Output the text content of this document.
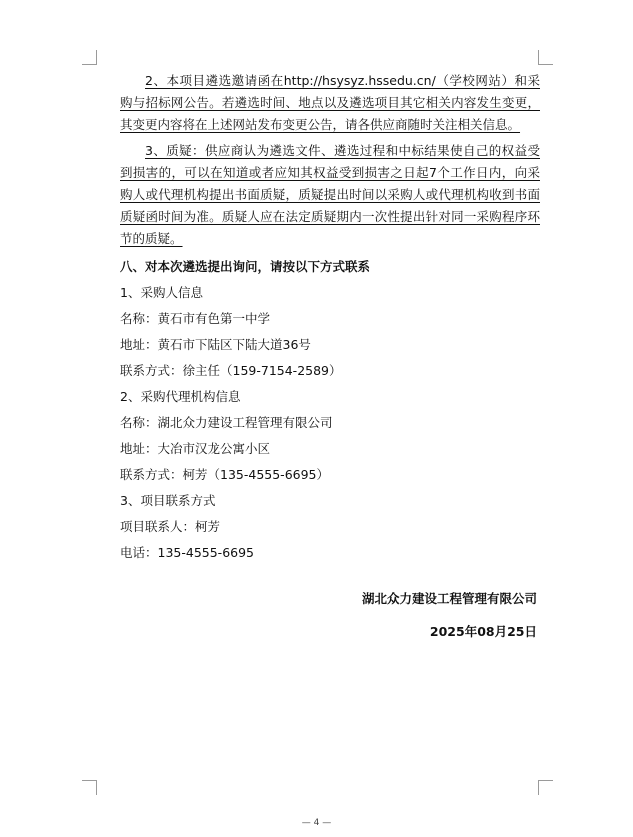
2、本项目遴选邀请函在http://hsysyz.hssedu.cn/（学校网站）和采购与招标网公告。若遴选时间、地点以及遴选项目其它相关内容发生变更，其变更内容将在上述网站发布变更公告，请各供应商随时关注相关信息。

3、质疑：供应商认为遴选文件、遴选过程和中标结果使自己的权益受到损害的，可以在知道或者应知其权益受到损害之日起7个工作日内，向采购人或代理机构提出书面质疑，质疑提出时间以采购人或代理机构收到书面质疑函时间为准。质疑人应在法定质疑期内一次性提出针对同一采购程序环节的质疑。

八、对本次遴选提出询问，请按以下方式联系

1、采购人信息

名称：黄石市有色第一中学

地址：黄石市下陆区下陆大道36号

联系方式：徐主任（159-7154-2589）

2、采购代理机构信息

名称：湖北众力建设工程管理有限公司

地址：大冶市汉龙公寓小区

联系方式：柯芳（135-4555-6695）

3、项目联系方式

项目联系人：柯芳

电话：135-4555-6695

湖北众力建设工程管理有限公司
2025年08月25日
— 4 —
